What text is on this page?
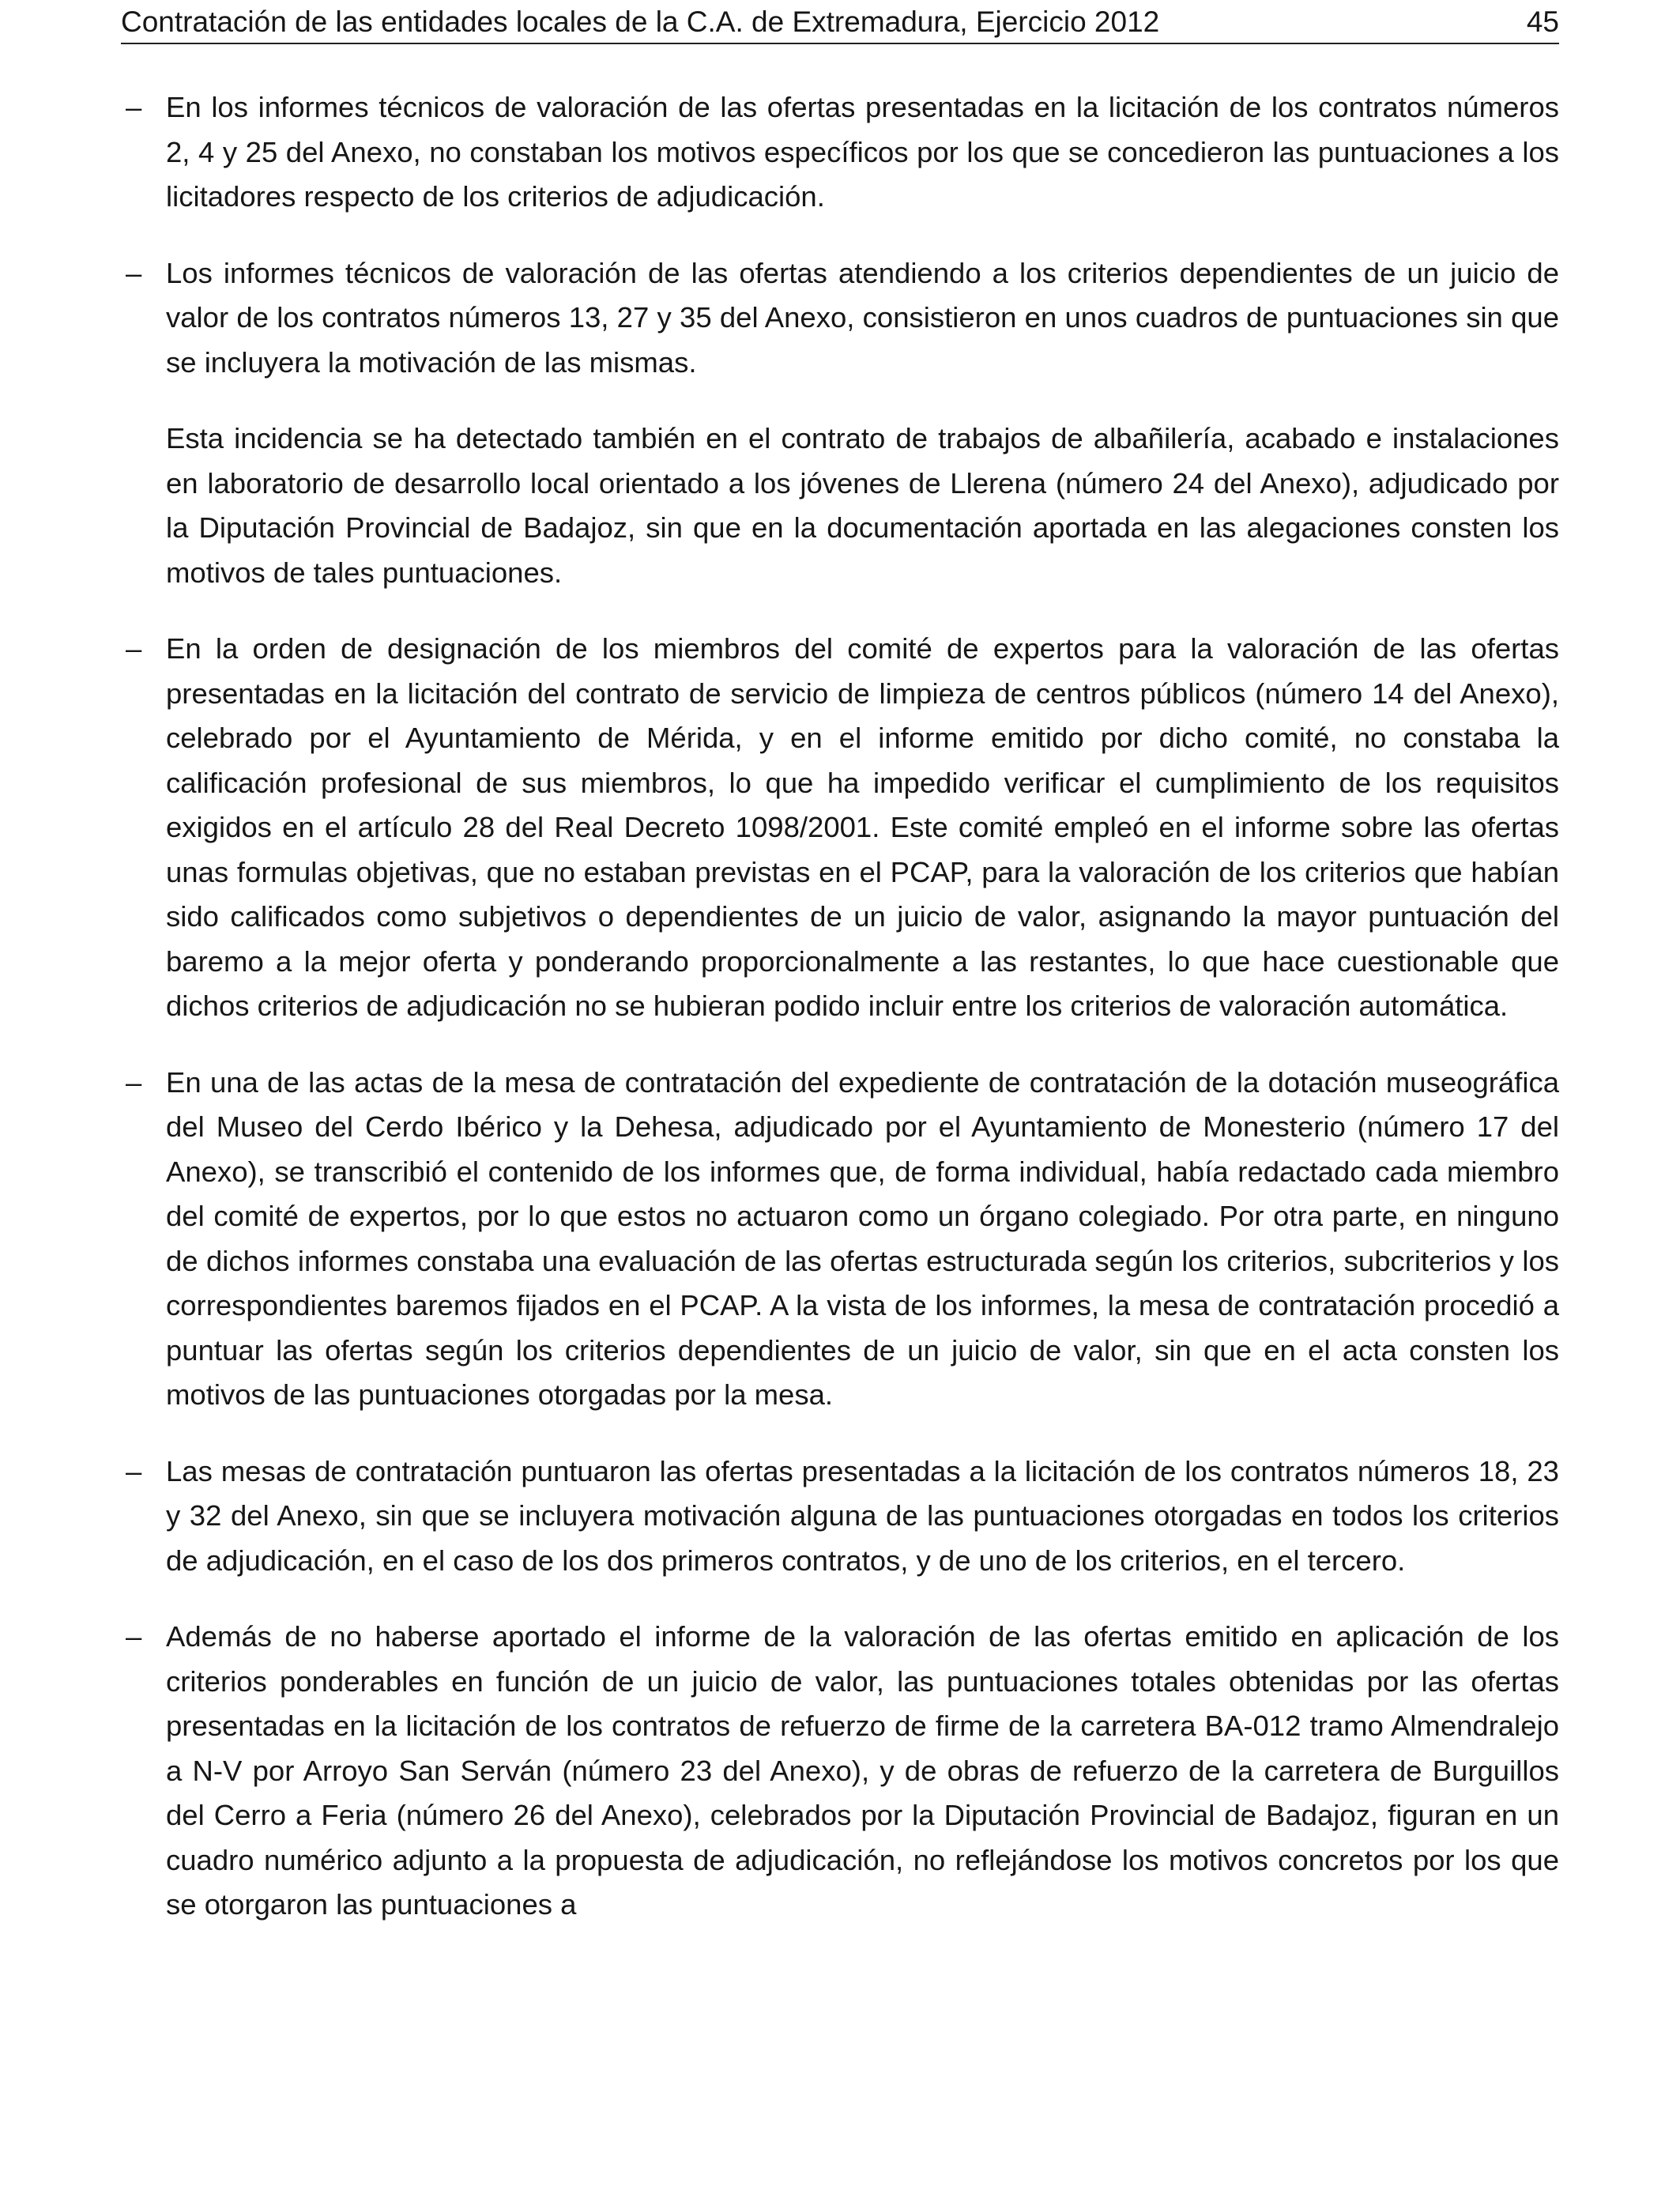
Contratación de las entidades locales de la C.A. de Extremadura, Ejercicio 2012	45
– En los informes técnicos de valoración de las ofertas presentadas en la licitación de los contratos números 2, 4 y 25 del Anexo, no constaban los motivos específicos por los que se concedieron las puntuaciones a los licitadores respecto de los criterios de adjudicación.

– Los informes técnicos de valoración de las ofertas atendiendo a los criterios dependientes de un juicio de valor de los contratos números 13, 27 y 35 del Anexo, consistieron en unos cuadros de puntuaciones sin que se incluyera la motivación de las mismas.

Esta incidencia se ha detectado también en el contrato de trabajos de albañilería, acabado e instalaciones en laboratorio de desarrollo local orientado a los jóvenes de Llerena (número 24 del Anexo), adjudicado por la Diputación Provincial de Badajoz, sin que en la documentación aportada en las alegaciones consten los motivos de tales puntuaciones.

– En la orden de designación de los miembros del comité de expertos para la valoración de las ofertas presentadas en la licitación del contrato de servicio de limpieza de centros públicos (número 14 del Anexo), celebrado por el Ayuntamiento de Mérida, y en el informe emitido por dicho comité, no constaba la calificación profesional de sus miembros, lo que ha impedido verificar el cumplimiento de los requisitos exigidos en el artículo 28 del Real Decreto 1098/2001. Este comité empleó en el informe sobre las ofertas unas formulas objetivas, que no estaban previstas en el PCAP, para la valoración de los criterios que habían sido calificados como subjetivos o dependientes de un juicio de valor, asignando la mayor puntuación del baremo a la mejor oferta y ponderando proporcionalmente a las restantes, lo que hace cuestionable que dichos criterios de adjudicación no se hubieran podido incluir entre los criterios de valoración automática.

– En una de las actas de la mesa de contratación del expediente de contratación de la dotación museográfica del Museo del Cerdo Ibérico y la Dehesa, adjudicado por el Ayuntamiento de Monesterio (número 17 del Anexo), se transcribió el contenido de los informes que, de forma individual, había redactado cada miembro del comité de expertos, por lo que estos no actuaron como un órgano colegiado. Por otra parte, en ninguno de dichos informes constaba una evaluación de las ofertas estructurada según los criterios, subcriterios y los correspondientes baremos fijados en el PCAP. A la vista de los informes, la mesa de contratación procedió a puntuar las ofertas según los criterios dependientes de un juicio de valor, sin que en el acta consten los motivos de las puntuaciones otorgadas por la mesa.

– Las mesas de contratación puntuaron las ofertas presentadas a la licitación de los contratos números 18, 23 y 32 del Anexo, sin que se incluyera motivación alguna de las puntuaciones otorgadas en todos los criterios de adjudicación, en el caso de los dos primeros contratos, y de uno de los criterios, en el tercero.

– Además de no haberse aportado el informe de la valoración de las ofertas emitido en aplicación de los criterios ponderables en función de un juicio de valor, las puntuaciones totales obtenidas por las ofertas presentadas en la licitación de los contratos de refuerzo de firme de la carretera BA-012 tramo Almendralejo a N-V por Arroyo San Serván (número 23 del Anexo), y de obras de refuerzo de la carretera de Burguillos del Cerro a Feria (número 26 del Anexo), celebrados por la Diputación Provincial de Badajoz, figuran en un cuadro numérico adjunto a la propuesta de adjudicación, no reflejándose los motivos concretos por los que se otorgaron las puntuaciones a
